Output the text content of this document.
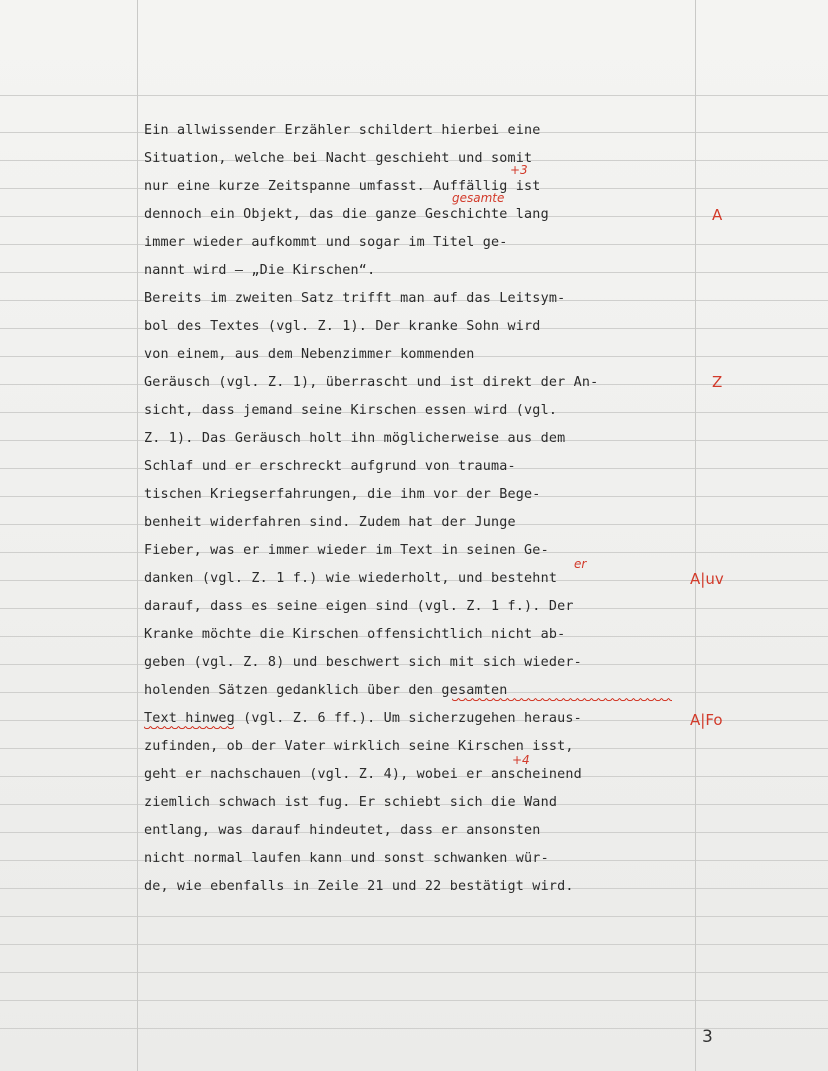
Ein allwissender Erzähler schildert hierbei eine
Situation, welche bei Nacht geschieht und somit
nur eine kurze Zeitspanne umfasst. Auffällig ist
dennoch ein Objekt, das die ganze Geschichte lang
immer wieder aufkommt und sogar im Titel ge-
nannt wird – „Die Kirschen“.
Bereits im zweiten Satz trifft man auf das Leitsym-
bol des Textes (vgl. Z. 1). Der kranke Sohn wird
von einem, aus dem Nebenzimmer kommenden
Geräusch (vgl. Z. 1), überrascht und ist direkt der An-
sicht, dass jemand seine Kirschen essen wird (vgl.
Z. 1). Das Geräusch holt ihn möglicherweise aus dem
Schlaf und er erschreckt aufgrund von trauma-
tischen Kriegserfahrungen, die ihm vor der Bege-
benheit widerfahren sind. Zudem hat der Junge
Fieber, was er immer wieder im Text in seinen Ge-
danken (vgl. Z. 1 f.) wie wiederholt, und bestehnt
darauf, dass es seine eigen sind (vgl. Z. 1 f.). Der
Kranke möchte die Kirschen offensichtlich nicht ab-
geben (vgl. Z. 8) und beschwert sich mit sich wieder-
holenden Sätzen gedanklich über den gesamten
Text hinweg (vgl. Z. 6 ff.). Um sicherzugehen heraus-
zufinden, ob der Vater wirklich seine Kirschen isst,
geht er nachschauen (vgl. Z. 4), wobei er anscheinend
ziemlich schwach ist fug. Er schiebt sich die Wand
entlang, was darauf hindeutet, dass er ansonsten
nicht normal laufen kann und sonst schwanken wür-
de, wie ebenfalls in Zeile 21 und 22 bestätigt wird.
+3
gesamte
er
+4
A
Z
A|uv
A|Fo
3
